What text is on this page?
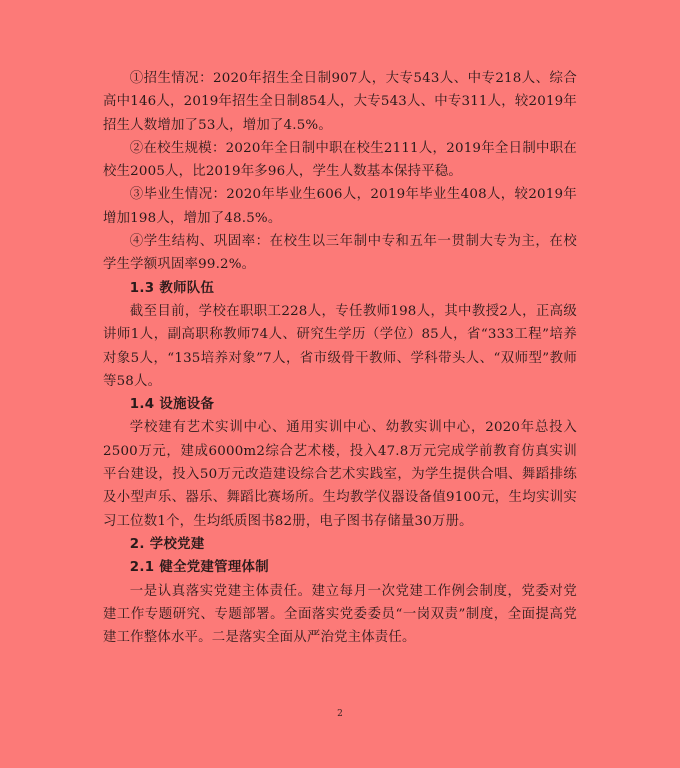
①招生情况：2020年招生全日制907人，大专543人、中专218人、综合高中146人，2019年招生全日制854人，大专543人、中专311人，较2019年招生人数增加了53人，增加了4.5%。

②在校生规模：2020年全日制中职在校生2111人，2019年全日制中职在校生2005人，比2019年多96人，学生人数基本保持平稳。

③毕业生情况：2020年毕业生606人，2019年毕业生408人，较2019年增加198人，增加了48.5%。

④学生结构、巩固率：在校生以三年制中专和五年一贯制大专为主，在校学生学额巩固率99.2%。

1.3 教师队伍

截至目前，学校在职职工228人，专任教师198人，其中教授2人，正高级讲师1人，副高职称教师74人、研究生学历（学位）85人，省“333工程”培养对象5人，“135培养对象”7人，省市级骨干教师、学科带头人、“双师型”教师等58人。

1.4 设施设备

学校建有艺术实训中心、通用实训中心、幼教实训中心，2020年总投入2500万元，建成6000m2综合艺术楼，投入47.8万元完成学前教育仿真实训平台建设，投入50万元改造建设综合艺术实践室，为学生提供合唱、舞蹈排练及小型声乐、器乐、舞蹈比赛场所。生均教学仪器设备值9100元，生均实训实习工位数1个，生均纸质图书82册，电子图书存储量30万册。

2. 学校党建

2.1 健全党建管理体制

一是认真落实党建主体责任。建立每月一次党建工作例会制度，党委对党建工作专题研究、专题部署。全面落实党委委员“一岗双责”制度，全面提高党建工作整体水平。二是落实全面从严治党主体责任。

2
